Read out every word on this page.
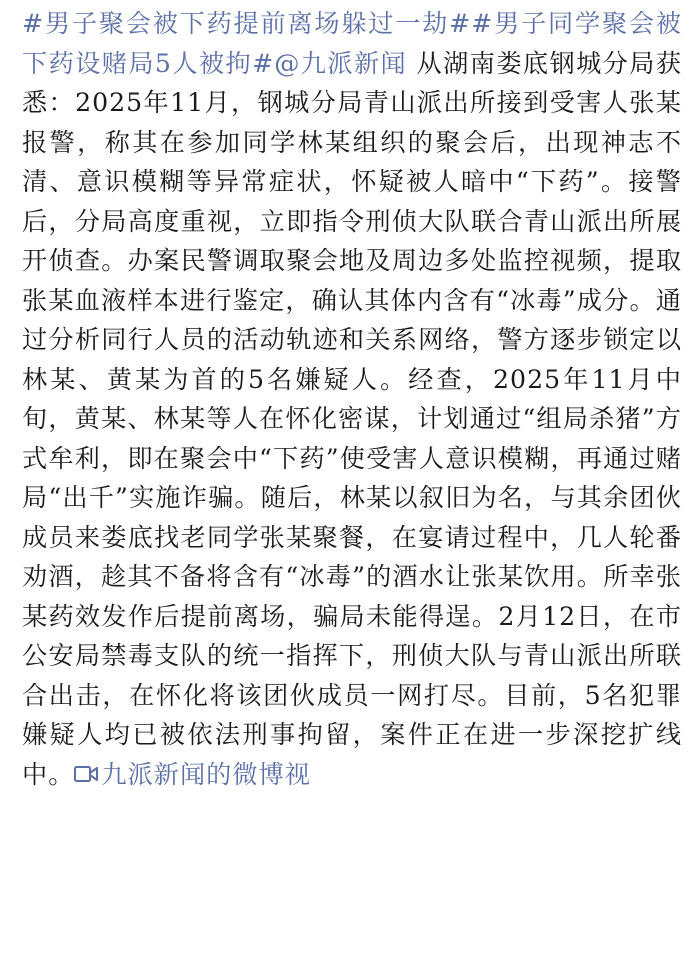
#男子聚会被下药提前离场躲过一劫##男子同学聚会被下药设赌局5人被拘#@九派新闻 从湖南娄底钢城分局获悉：2025年11月，钢城分局青山派出所接到受害人张某报警，称其在参加同学林某组织的聚会后，出现神志不清、意识模糊等异常症状，怀疑被人暗中“下药”。接警后，分局高度重视，立即指令刑侦大队联合青山派出所展开侦查。办案民警调取聚会地及周边多处监控视频，提取张某血液样本进行鉴定，确认其体内含有“冰毒”成分。通过分析同行人员的活动轨迹和关系网络，警方逐步锁定以林某、黄某为首的5名嫌疑人。经查，2025年11月中旬，黄某、林某等人在怀化密谋，计划通过“组局杀猪”方式牟利，即在聚会中“下药”使受害人意识模糊，再通过赌局“出千”实施诈骗。随后，林某以叙旧为名，与其余团伙成员来娄底找老同学张某聚餐，在宴请过程中，几人轮番劝酒，趁其不备将含有“冰毒”的酒水让张某饮用。所幸张某药效发作后提前离场，骗局未能得逞。2月12日，在市公安局禁毒支队的统一指挥下，刑侦大队与青山派出所联合出击，在怀化将该团伙成员一网打尽。目前，5名犯罪嫌疑人均已被依法刑事拘留，案件正在进一步深挖扩线中。 九派新闻的微博视
